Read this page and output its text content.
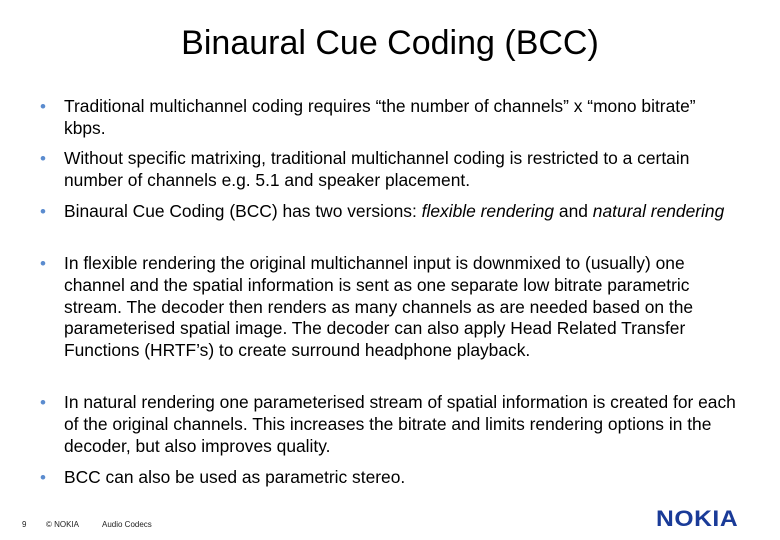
Binaural Cue Coding (BCC)
• Traditional multichannel coding requires “the number of channels” x “mono bitrate” kbps.
• Without specific matrixing, traditional multichannel coding is restricted to a certain number of channels e.g. 5.1 and speaker placement.
• Binaural Cue Coding (BCC) has two versions: flexible rendering and natural rendering
• In flexible rendering the original multichannel input is downmixed to (usually) one channel and the spatial information is sent as one separate low bitrate parametric stream. The decoder then renders as many channels as are needed based on the parameterised spatial image. The decoder can also apply Head Related Transfer Functions (HRTF’s) to create surround headphone playback.
• In natural rendering one parameterised stream of spatial information is created for each of the original channels. This increases the bitrate and limits rendering options in the decoder, but also improves quality.
• BCC can also be used as parametric stereo.
9 © NOKIA	Audio Codecs	NOKIA
